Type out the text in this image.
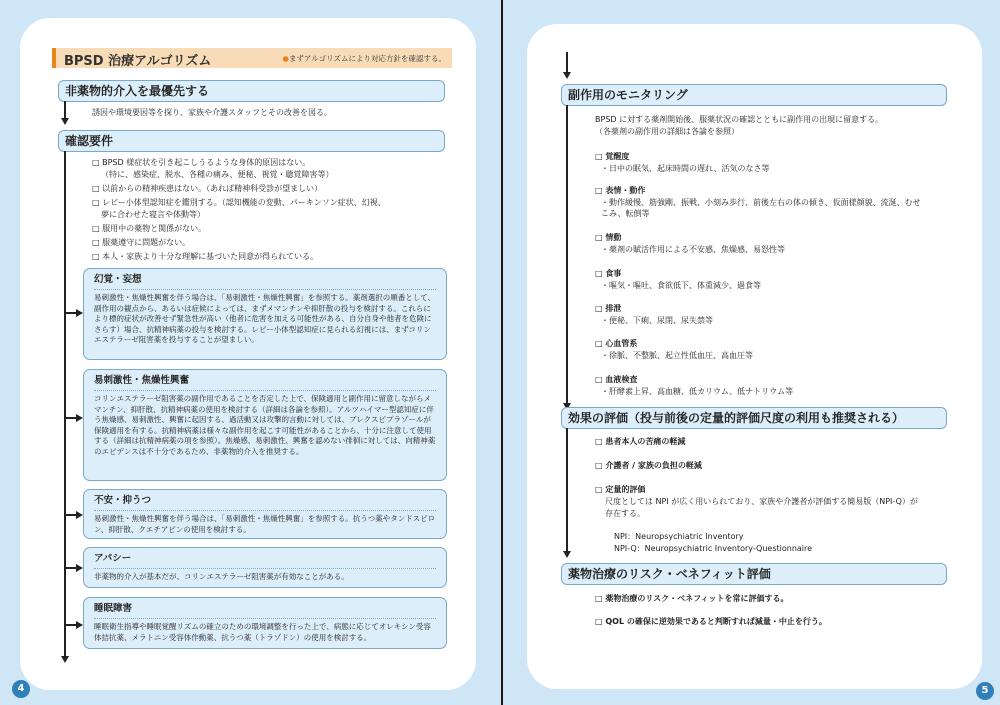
BPSD 治療アルゴリズム	●まずアルゴリズムにより対応方針を確認する。
非薬物的介入を最優先する
誘因や環境要因等を探り、家族や介護スタッフとその改善を図る。
確認要件
□ BPSD 様症状を引き起こしうるような身体的原因はない。
（特に、感染症、脱水、各種の痛み、便秘、視覚・聴覚障害等）
□ 以前からの精神疾患はない。（あれば精神科受診が望ましい）
□ レビー小体型認知症を鑑別する。（認知機能の変動、パーキンソン症状、幻視、
夢に合わせた寝言や体動等）
□ 服用中の薬物と関係がない。
□ 服薬遵守に問題がない。
□ 本人・家族より十分な理解に基づいた同意が得られている。
幻覚・妄想
易刺激性・焦燥性興奮を伴う場合は、「易刺激性・焦燥性興奮」を参照する。薬剤選択の順番として、副作用の観点から、あるいは症候によっては、まずメマンチンや抑肝散の投与を検討する。これらにより標的症状が改善せず緊急性が高い（他者に危害を加える可能性がある、自分自身や他者を危険にさらす）場合、抗精神病薬の投与を検討する。レビー小体型認知症に見られる幻視には、まずコリンエステラーゼ阻害薬を投与することが望ましい。
易刺激性・焦燥性興奮
コリンエステラーゼ阻害薬の副作用であることを否定した上で、保険適用と副作用に留意しながらメマンチン、抑肝散、抗精神病薬の使用を検討する（詳細は各論を参照）。アルツハイマー型認知症に伴う焦燥感、易刺激性、興奮に起因する、過活動又は攻撃的言動に対しては、ブレクスピプラゾールが保険適用を有する。抗精神病薬は様々な副作用を起こす可能性があることから、十分に注意して使用する（詳細は抗精神病薬の項を参照）。焦燥感、易刺激性、興奮を認めない徘徊に対しては、向精神薬のエビデンスは不十分であるため、非薬物的介入を推奨する。
不安・抑うつ
易刺激性・焦燥性興奮を伴う場合は、「易刺激性・焦燥性興奮」を参照する。抗うつ薬やタンドスピロン、抑肝散、クエチアピンの使用を検討する。
アパシー
非薬物的介入が基本だが、コリンエステラーゼ阻害薬が有効なことがある。
睡眠障害
睡眠衛生指導や睡眠覚醒リズムの確立のための環境調整を行った上で、病態に応じてオレキシン受容体拮抗薬、メラトニン受容体作動薬、抗うつ薬（トラゾドン）の使用を検討する。
4
副作用のモニタリング
BPSD に対する薬剤開始後、服薬状況の確認とともに副作用の出現に留意する。
（各薬剤の副作用の詳細は各論を参照）
□ 覚醒度
・日中の眠気、起床時間の遅れ、活気のなさ等
□ 表情・動作
・動作緩慢、筋強剛、振戦、小刻み歩行、前後左右の体の傾き、仮面様顔貌、流涎、むせこみ、転倒等
□ 情動
・薬剤の賦活作用による不安感、焦燥感、易怒性等
□ 食事
・嘔気・嘔吐、食欲低下、体重減少、過食等
□ 排泄
・便秘、下痢、尿閉、尿失禁等
□ 心血管系
・徐脈、不整脈、起立性低血圧、高血圧等
□ 血液検査
・肝酵素上昇、高血糖、低カリウム、低ナトリウム等
効果の評価（投与前後の定量的評価尺度の利用も推奨される）
□ 患者本人の苦痛の軽減
□ 介護者 / 家族の負担の軽減
□ 定量的評価
尺度としては NPI が広く用いられており、家族や介護者が評価する簡易版（NPI-Q）が
存在する。
NPI：Neuropsychiatric Inventory
NPI-Q：Neuropsychiatric Inventory-Questionnaire
薬物治療のリスク・ベネフィット評価
□ 薬物治療のリスク・ベネフィットを常に評価する。
□ QOL の確保に逆効果であると判断すれば減量・中止を行う。
5
